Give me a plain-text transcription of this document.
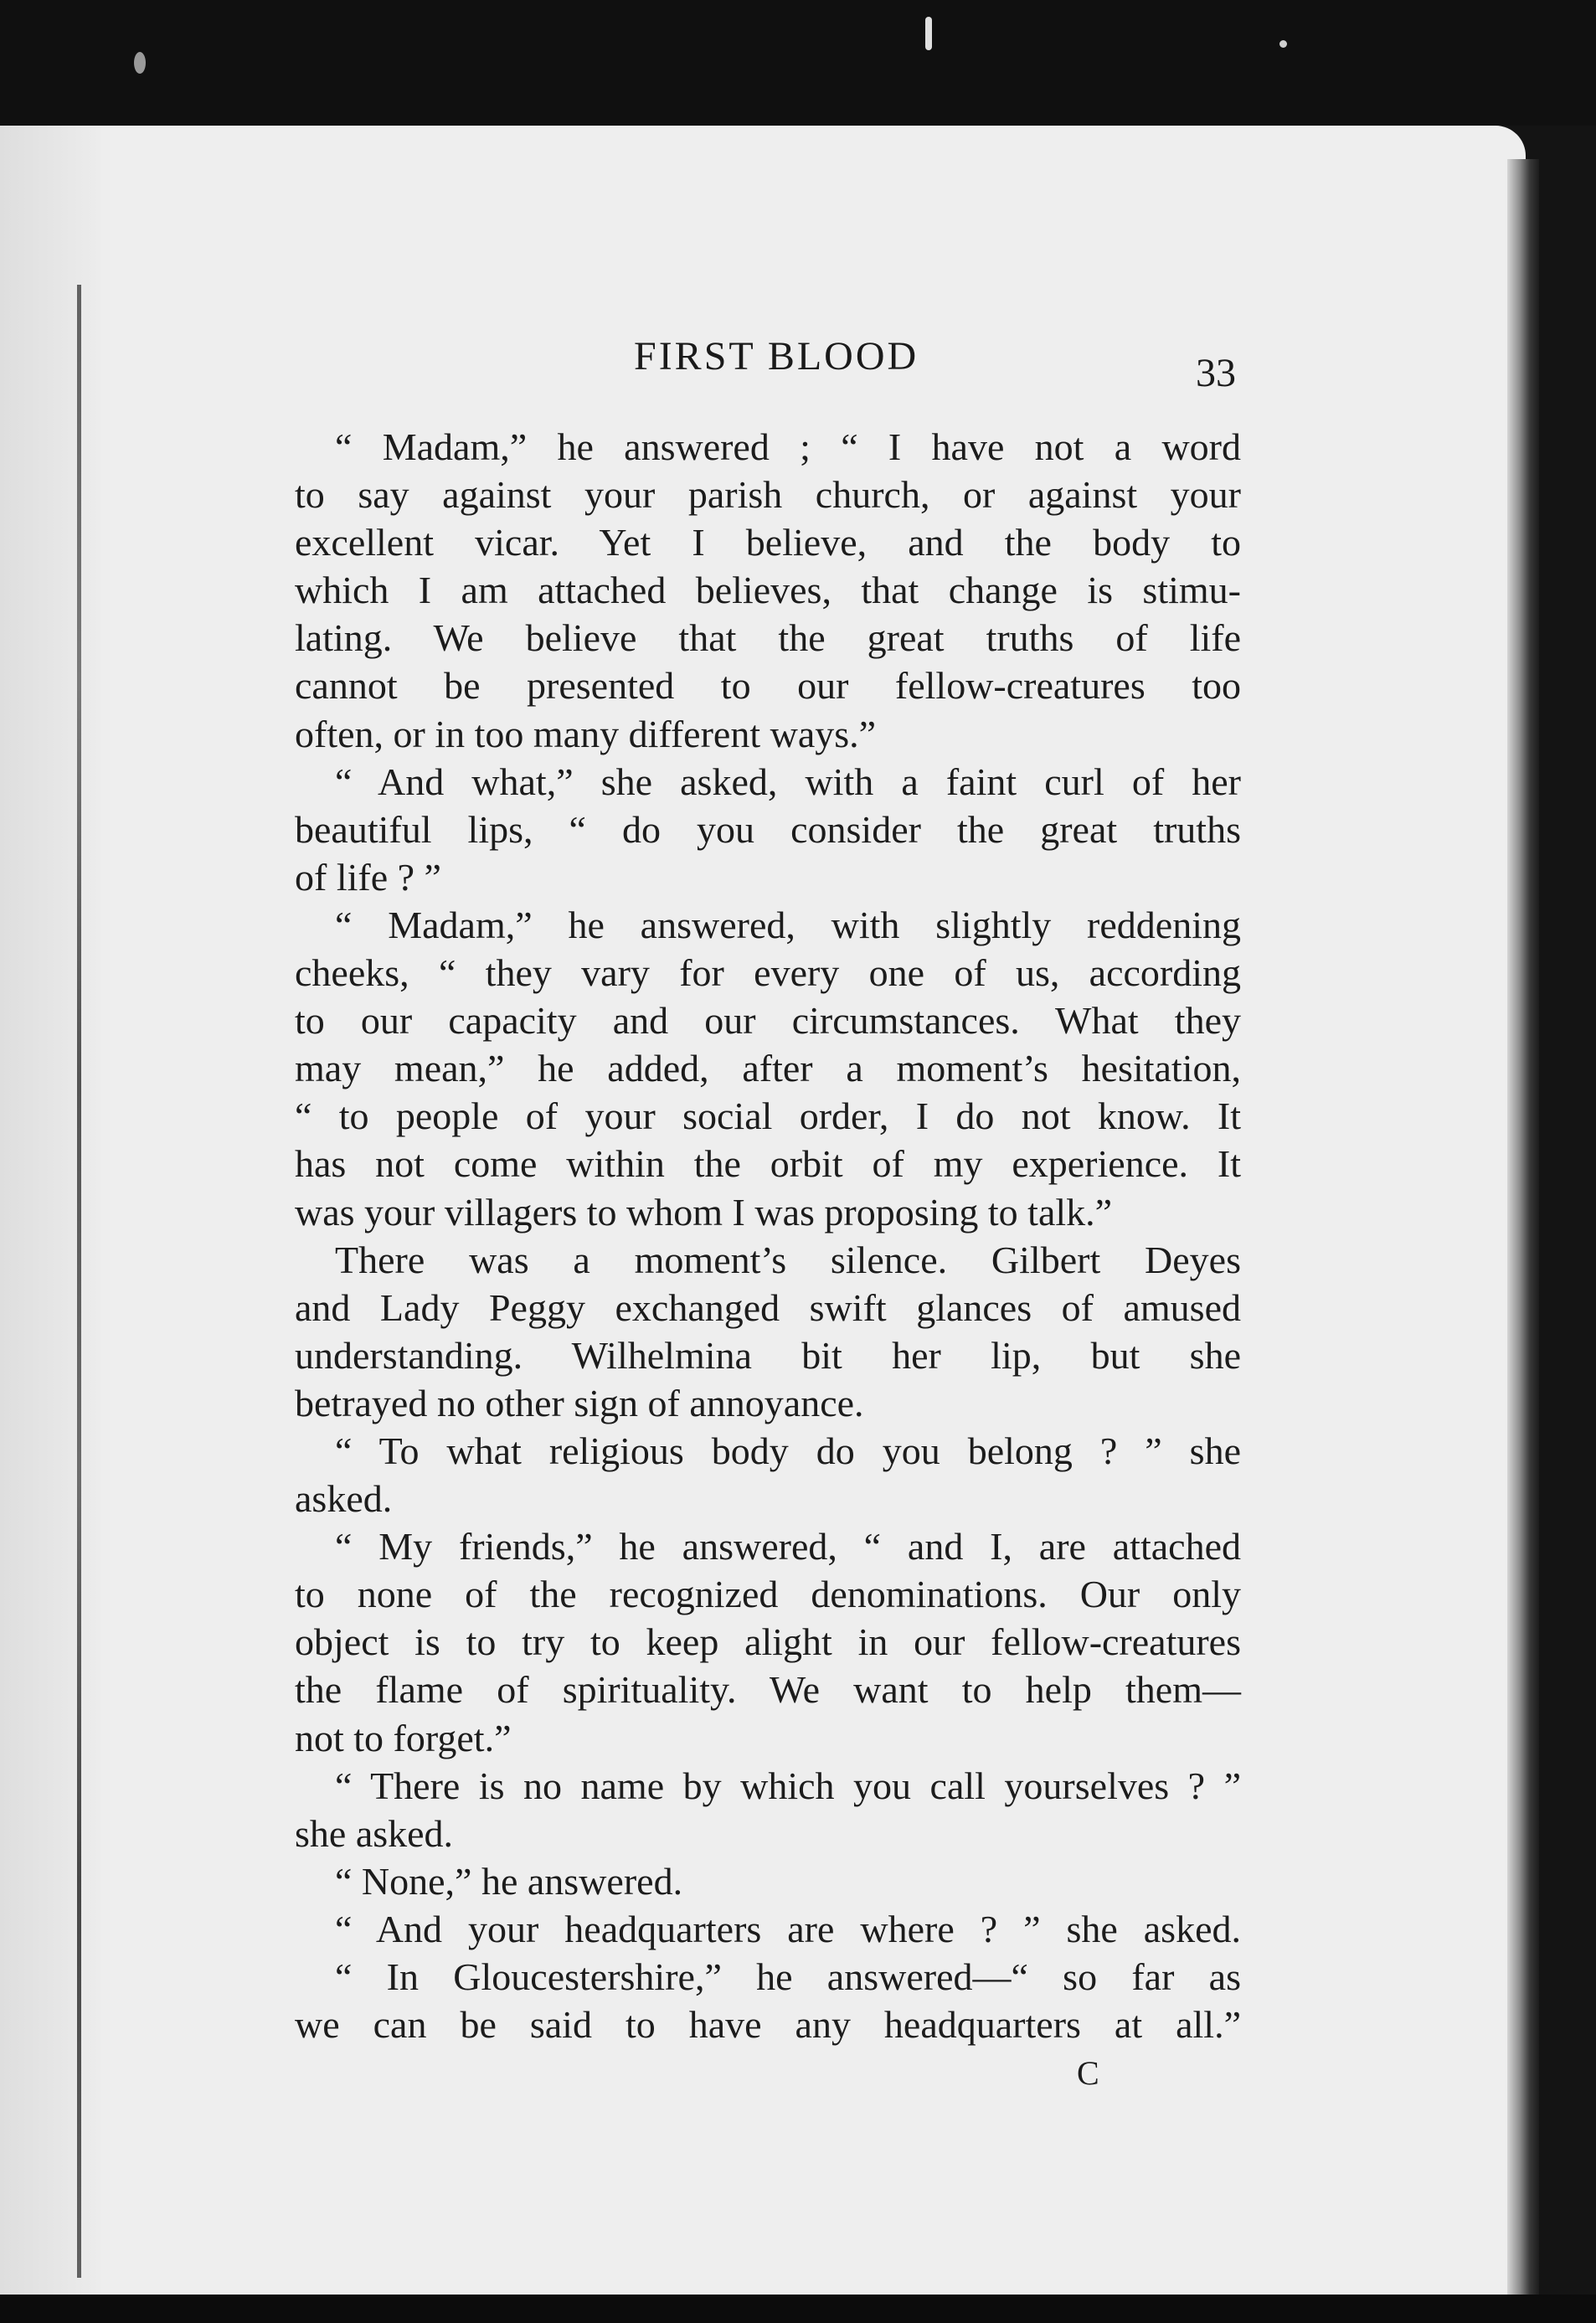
FIRST BLOOD	33
“ Madam,” he answered ; “ I have not a word
to say against your parish church, or against your
excellent vicar. Yet I believe, and the body to
which I am attached believes, that change is stimu-
lating. We believe that the great truths of life
cannot be presented to our fellow-creatures too
often, or in too many different ways.”
“ And what,” she asked, with a faint curl of her
beautiful lips, “ do you consider the great truths
of life ? ”
“ Madam,” he answered, with slightly reddening
cheeks, “ they vary for every one of us, according
to our capacity and our circumstances. What they
may mean,” he added, after a moment’s hesitation,
“ to people of your social order, I do not know. It
has not come within the orbit of my experience. It
was your villagers to whom I was proposing to talk.”
There was a moment’s silence. Gilbert Deyes
and Lady Peggy exchanged swift glances of amused
understanding. Wilhelmina bit her lip, but she
betrayed no other sign of annoyance.
“ To what religious body do you belong ? ” she
asked.
“ My friends,” he answered, “ and I, are attached
to none of the recognized denominations. Our only
object is to try to keep alight in our fellow-creatures
the flame of spirituality. We want to help them—
not to forget.”
“ There is no name by which you call yourselves ? ”
she asked.
“ None,” he answered.
“ And your headquarters are where ? ” she asked.
“ In Gloucestershire,” he answered—“ so far as
we can be said to have any headquarters at all.”
C
